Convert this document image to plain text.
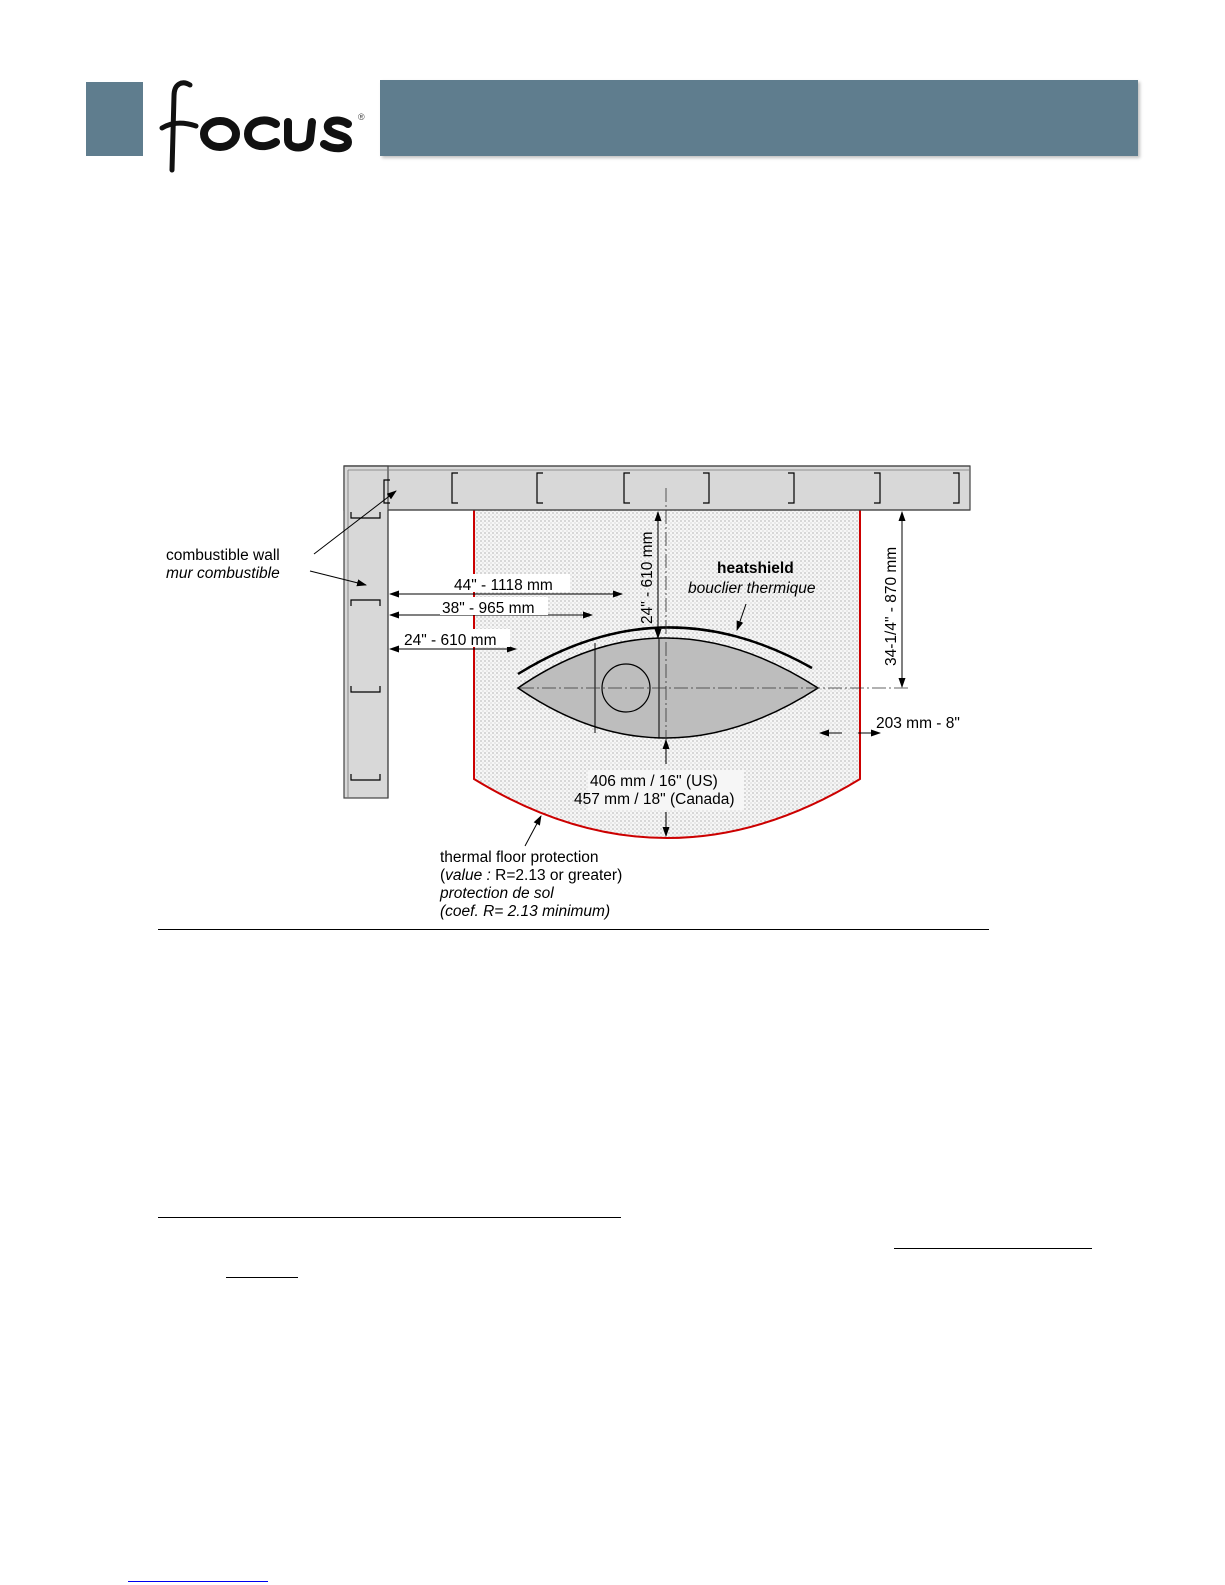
®
combustible wall
mur combustible
44" - 1118 mm
38" - 965 mm
24" - 610 mm
24" - 610 mm	34-1/4" - 870 mm
heatshield
bouclier thermique
203 mm - 8"
406 mm / 16" (US)
457 mm / 18" (Canada)
thermal floor protection
(value : R=2.13 or greater)
protection de sol
(coef. R= 2.13 minimum)
